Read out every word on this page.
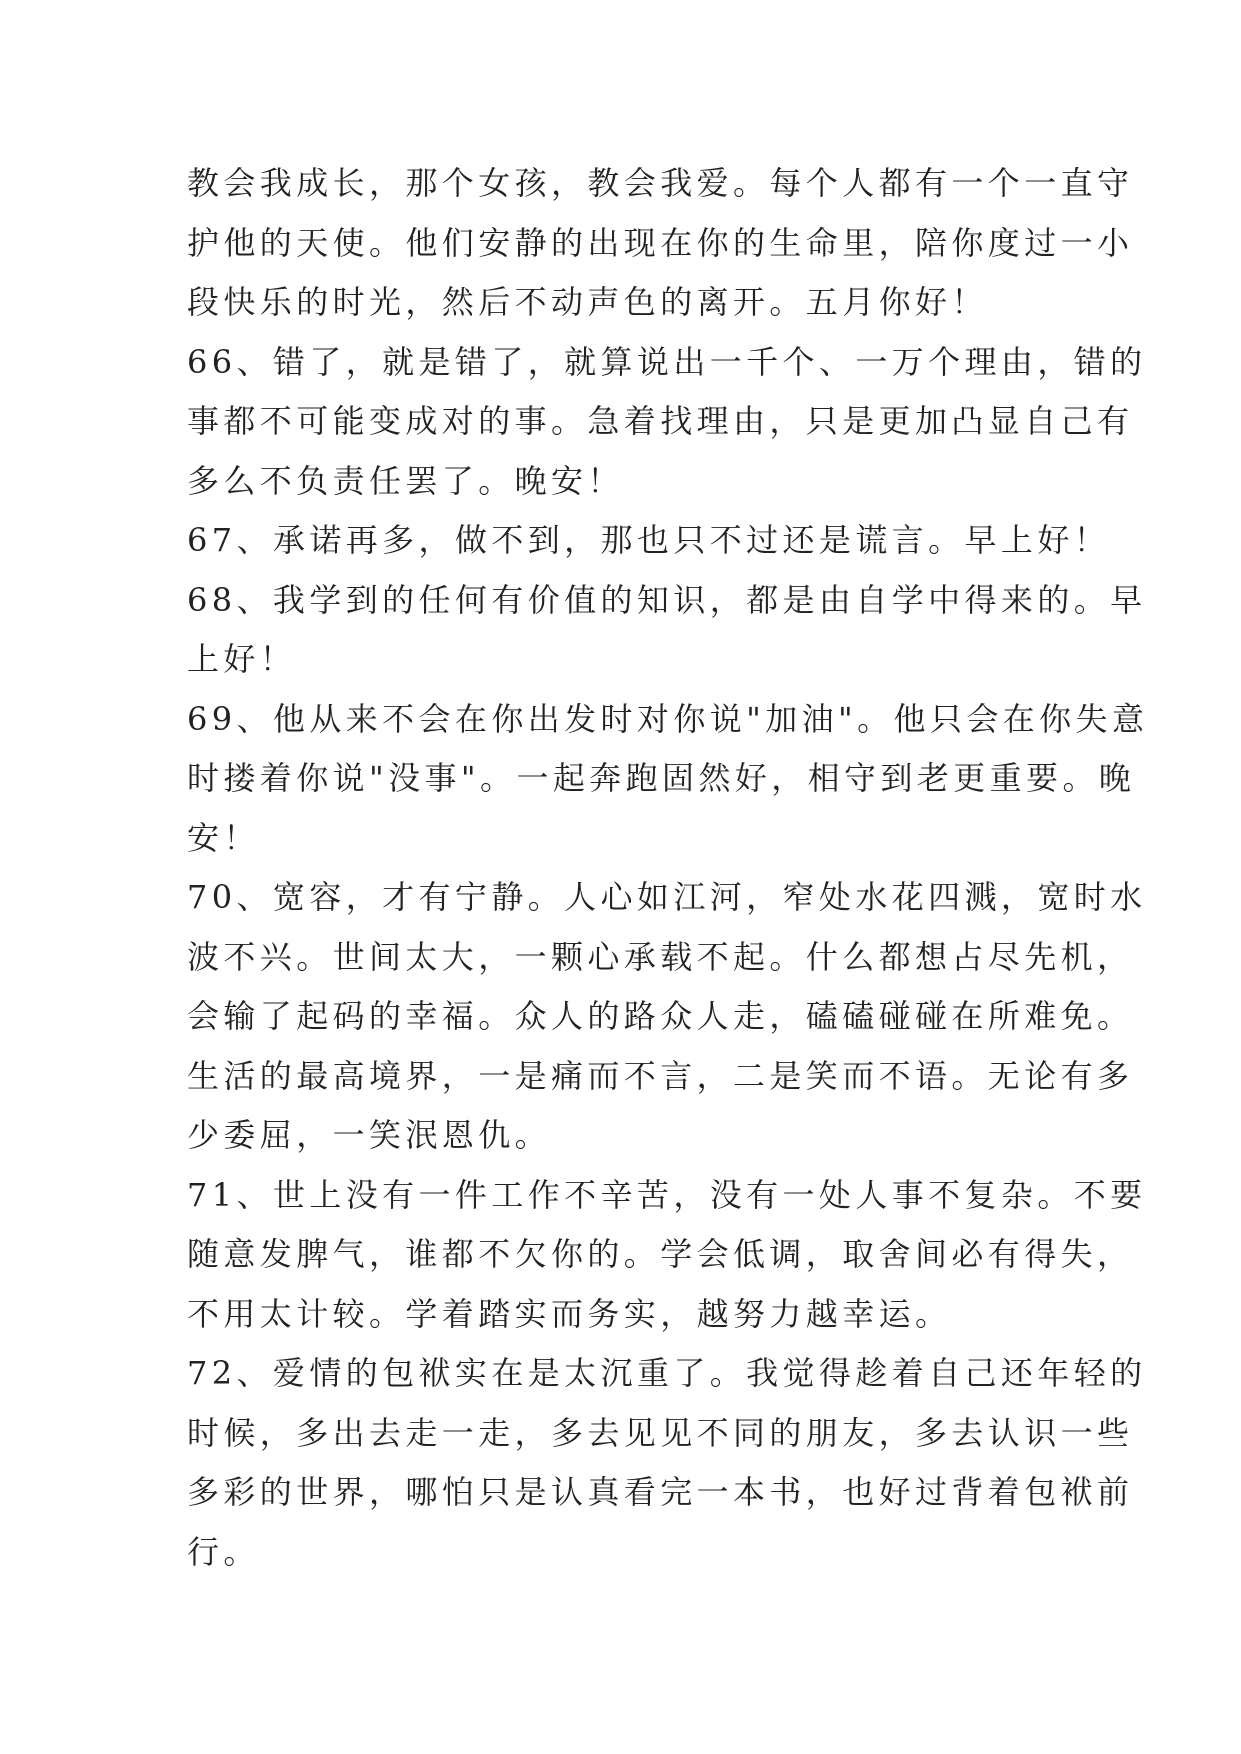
教会我成长，那个女孩，教会我爱。每个人都有一个一直守
护他的天使。他们安静的出现在你的生命里，陪你度过一小
段快乐的时光，然后不动声色的离开。五月你好！

66、错了，就是错了，就算说出一千个、一万个理由，错的
事都不可能变成对的事。急着找理由，只是更加凸显自己有
多么不负责任罢了。晚安！

67、承诺再多，做不到，那也只不过还是谎言。早上好！

68、我学到的任何有价值的知识，都是由自学中得来的。早
上好！

69、他从来不会在你出发时对你说"加油"。他只会在你失意
时搂着你说"没事"。一起奔跑固然好，相守到老更重要。晚
安！

70、宽容，才有宁静。人心如江河，窄处水花四溅，宽时水
波不兴。世间太大，一颗心承载不起。什么都想占尽先机，
会输了起码的幸福。众人的路众人走，磕磕碰碰在所难免。
生活的最高境界，一是痛而不言，二是笑而不语。无论有多
少委屈，一笑泯恩仇。

71、世上没有一件工作不辛苦，没有一处人事不复杂。不要
随意发脾气，谁都不欠你的。学会低调，取舍间必有得失，
不用太计较。学着踏实而务实，越努力越幸运。

72、爱情的包袱实在是太沉重了。我觉得趁着自己还年轻的
时候，多出去走一走，多去见见不同的朋友，多去认识一些
多彩的世界，哪怕只是认真看完一本书，也好过背着包袱前
行。
